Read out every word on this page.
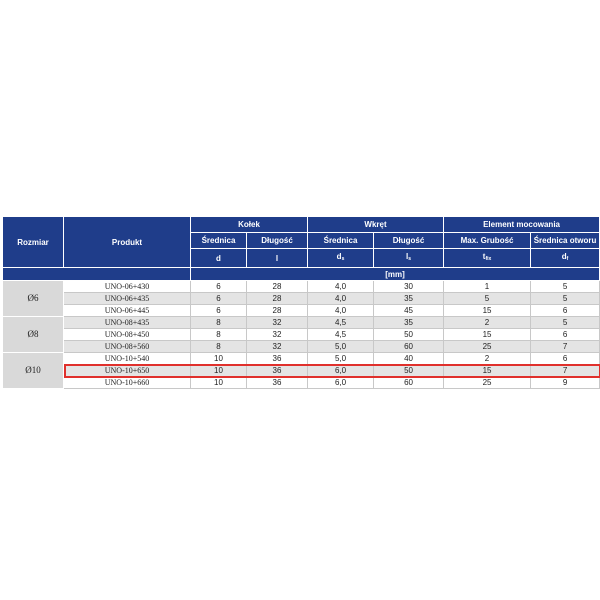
Rozmiar	Produkt	Kołek		Wkręt		Element mocowania	
		Średnica	Długość	Średnica	Długość	Max. Grubość	Średnica otworu
		d	l	$d_s$	$l_s$	$t_{fix}$	$d_f$
		[mm]					
Ø6	UNO-06+430	6	28	4,0	30	1	5
	UNO-06+435	6	28	4,0	35	5	5
	UNO-06+445	6	28	4,0	45	15	6
Ø8	UNO-08+435	8	32	4,5	35	2	5
	UNO-08+450	8	32	4,5	50	15	6
	UNO-08+560	8	32	5,0	60	25	7
Ø10	UNO-10+540	10	36	5,0	40	2	6
	UNO-10+650	10	36	6,0	50	15	7
	UNO-10+660	10	36	6,0	60	25	9
